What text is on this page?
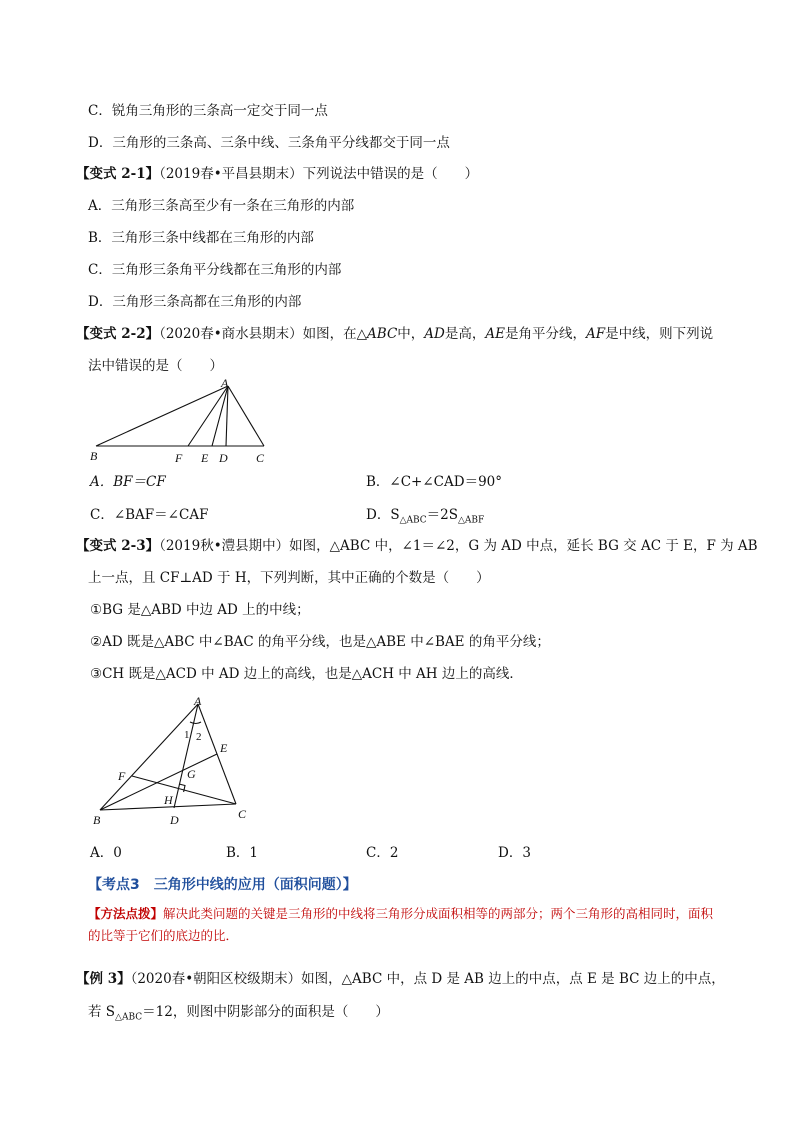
C．锐角三角形的三条高一定交于同一点
D．三角形的三条高、三条中线、三条角平分线都交于同一点
【变式 2-1】（2019春•平昌县期末）下列说法中错误的是（　　）
A．三角形三条高至少有一条在三角形的内部
B．三角形三条中线都在三角形的内部
C．三角形三条角平分线都在三角形的内部
D．三角形三条高都在三角形的内部
【变式 2-2】（2020春•商水县期末）如图，在△ABC中，AD是高，AE是角平分线，AF是中线，则下列说
法中错误的是（　　）
A
B	F E D C
A．BF＝CF	B．∠C+∠CAD＝90°
C．∠BAF＝∠CAF	D．$S_{\triangle ABC}=2S_{\triangle ABF}$
【变式 2-3】（2019秋•澧县期中）如图，△ABC 中，∠1＝∠2，G 为 AD 中点，延长 BG 交 AC 于 E，F 为 AB
上一点，且 CF⊥AD 于 H，下列判断，其中正确的个数是（　　）
①BG 是△ABD 中边 AD 上的中线；
②AD 既是△ABC 中∠BAC 的角平分线，也是△ABE 中∠BAE 的角平分线；
③CH 既是△ACD 中 AD 边上的高线，也是△ACH 中 AH 边上的高线．
A
1 2
E
F	G
H
B	D	C
A．0	B．1	C．2	D．3
【考点3　三角形中线的应用（面积问题）】
【方法点拨】解决此类问题的关键是三角形的中线将三角形分成面积相等的两部分；两个三角形的高相同时，面积的比等于它们的底边的比．
【例 3】（2020春•朝阳区校级期末）如图，△ABC 中，点 D 是 AB 边上的中点，点 E 是 BC 边上的中点，
若 $S_{\triangle ABC}=12$，则图中阴影部分的面积是（　　）
